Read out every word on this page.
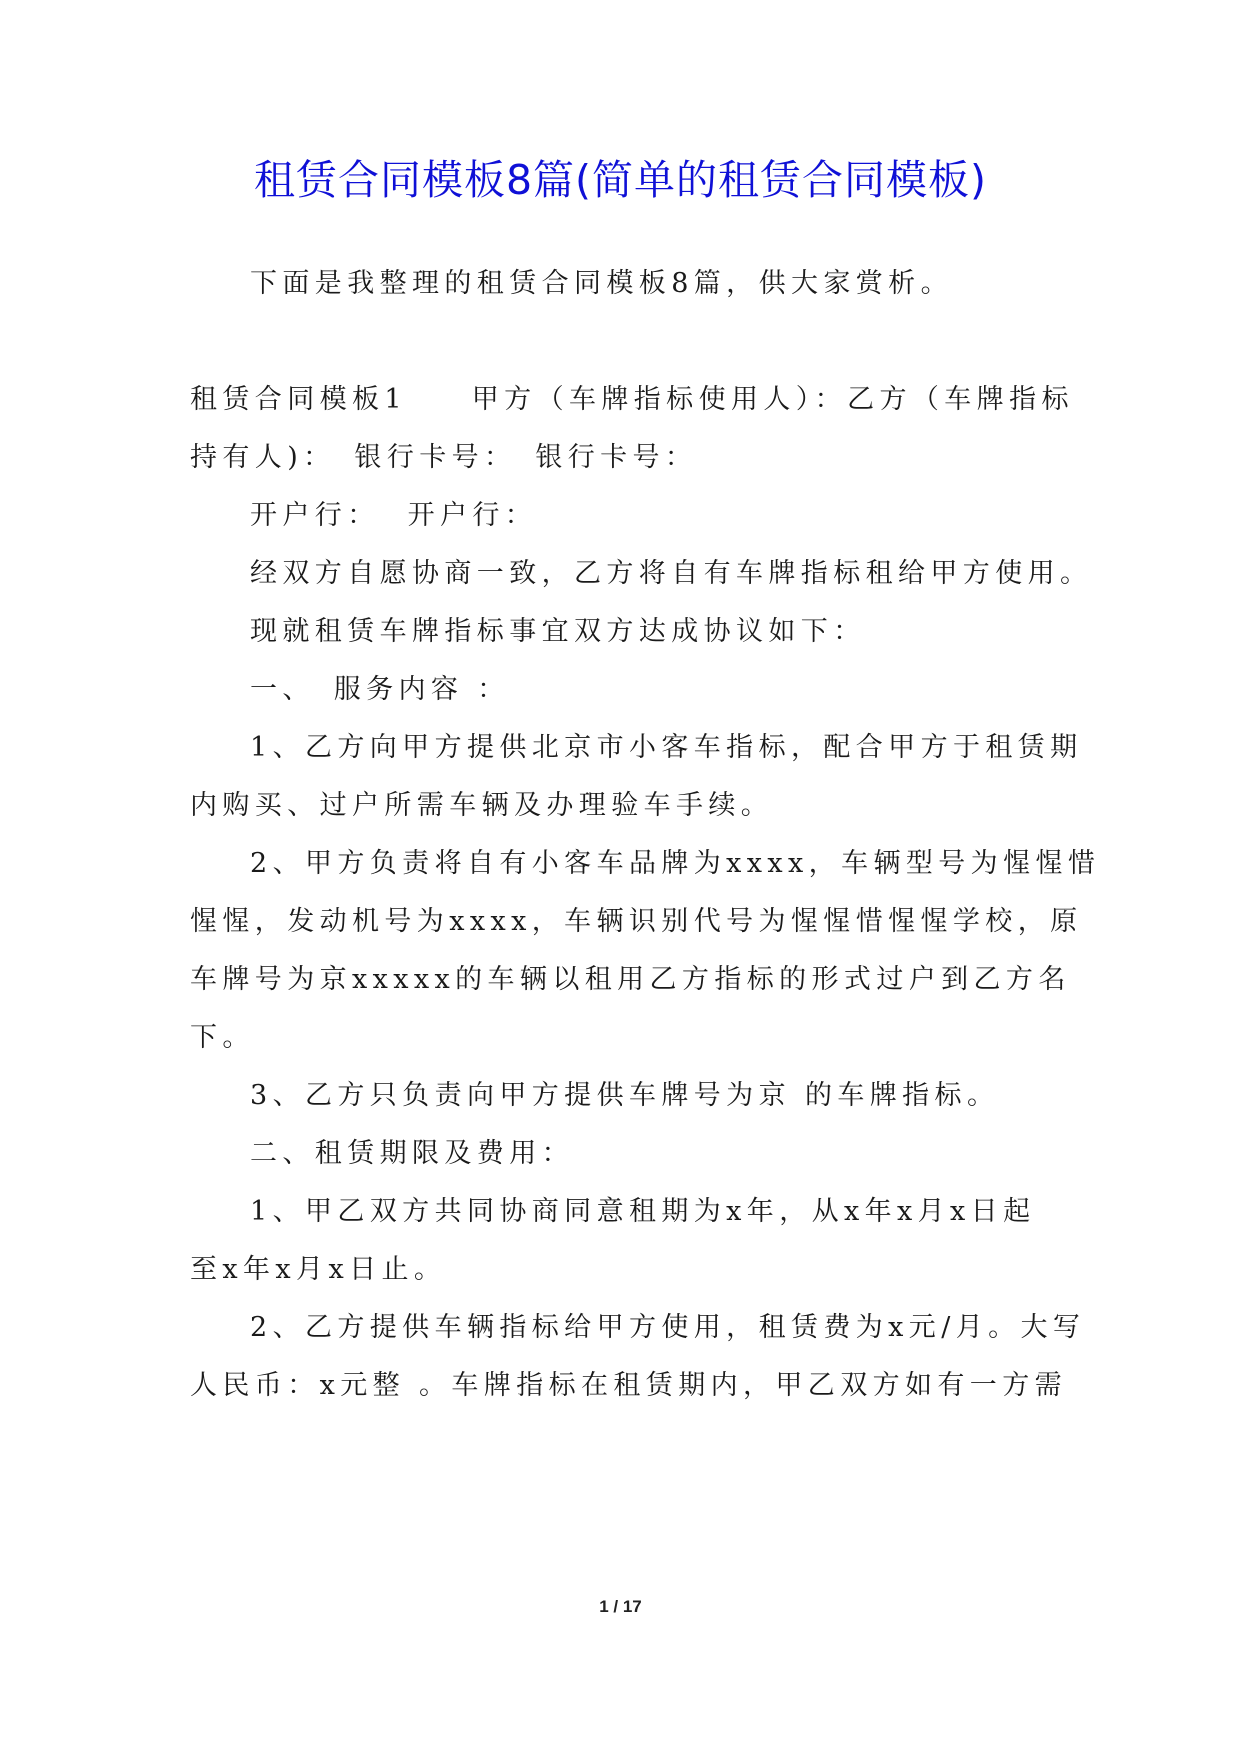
租赁合同模板8篇(简单的租赁合同模板)
下面是我整理的租赁合同模板8篇，供大家赏析。
租赁合同模板1　　甲方（车牌指标使用人）：乙方（车牌指标
持有人)：　银行卡号：　银行卡号：
开户行：  开户行：
经双方自愿协商一致，乙方将自有车牌指标租给甲方使用。
现就租赁车牌指标事宜双方达成协议如下：
一、　服务内容 ：
1、乙方向甲方提供北京市小客车指标，配合甲方于租赁期
内购买、过户所需车辆及办理验车手续。
2、甲方负责将自有小客车品牌为xxxx，车辆型号为惺惺惜
惺惺，发动机号为xxxx，车辆识别代号为惺惺惜惺惺学校，原
车牌号为京xxxxx的车辆以租用乙方指标的形式过户到乙方名
下。
3、乙方只负责向甲方提供车牌号为京 的车牌指标。
二、租赁期限及费用：
1、甲乙双方共同协商同意租期为x年，从x年x月x日起
至x年x月x日止。
2、乙方提供车辆指标给甲方使用，租赁费为x元/月。大写
人民币：x元整 。车牌指标在租赁期内，甲乙双方如有一方需
1 / 17
